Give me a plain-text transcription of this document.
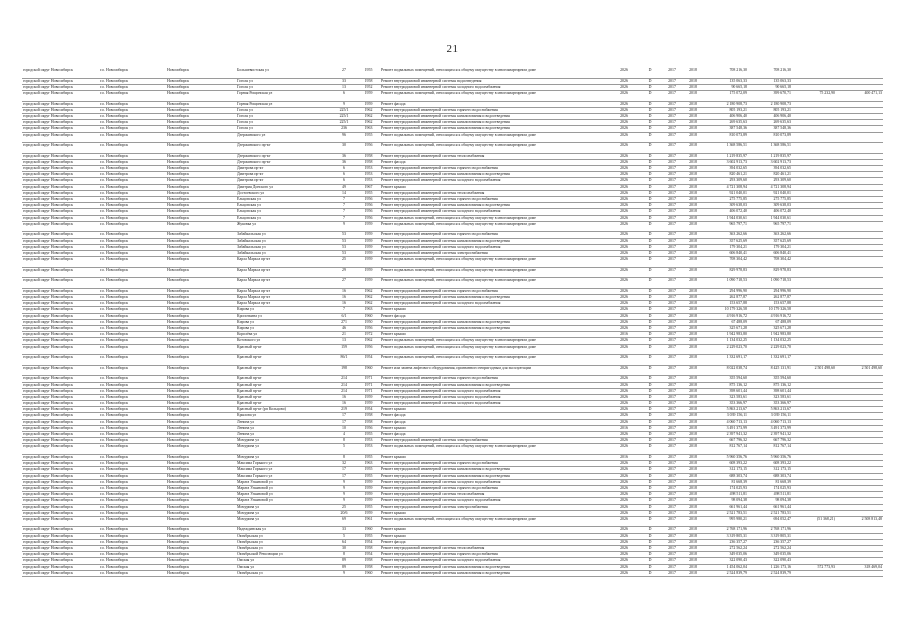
21
городской округ Новосибирск	г.о. Новосибирск	Новосибирск	Большевистская ул	27	1955	Ремонт подвальных помещений, относящихся к общему имуществу в многоквартирном доме	2026	D	2017	2018	708 216,30	708 216,30		
городской округ Новосибирск	г.о. Новосибирск	Новосибирск	Гоголя ул	33	1958	Ремонт внутридомовой инженерной системы водоотведения	2026	D	2017	2018	135 063,33	135 063,33		
городской округ Новосибирск	г.о. Новосибирск	Новосибирск	Гоголя ул	13	1952	Ремонт внутридомовой инженерной системы холодного водоснабжения	2026	D	2017	2018	90 665,18	90 665,18		
городской округ Новосибирск	г.о. Новосибирск	Новосибирск	Горная Рощинская ул	6	1959	Ремонт подвальных помещений, относящихся к общему имуществу в многоквартирном доме	2026	D	2017	2018	175 072,09	399 670,71	75 232,90	400 471,13
городской округ Новосибирск	г.о. Новосибирск	Новосибирск	Горная Рощинская ул	9	1959	Ремонт фасада	2026	D	2017	2018	2 180 908,73	2 180 908,73		
городской округ Новосибирск	г.о. Новосибирск	Новосибирск	Гоголя ул	225/1	1962	Ремонт внутридомовой инженерной системы горячего водоснабжения	2026	D	2017	2018	805 193,21	805 193,21		
городской округ Новосибирск	г.о. Новосибирск	Новосибирск	Гоголя ул	225/1	1962	Ремонт внутридомовой инженерной системы канализования и водоотведения	2026	D	2017	2018	406 906,40	406 906,40		
городской округ Новосибирск	г.о. Новосибирск	Новосибирск	Гоголя ул	225/1	1962	Ремонт внутридомовой инженерной системы канализования и водоотведения	2026	D	2017	2018	269 635,63	269 635,63		
городской округ Новосибирск	г.о. Новосибирск	Новосибирск	Гоголя ул	236	1963	Ремонт внутридомовой инженерной системы канализования и водоотведения	2026	D	2017	2018	387 548,36	387 548,36		
городской округ Новосибирск	г.о. Новосибирск	Новосибирск	Дзержинского ул	96	1955	Ремонт подвальных помещений, относящихся к общему имуществу в многоквартирном доме	2026	D	2017	2018	810 073,89	810 073,89		
городской округ Новосибирск	г.о. Новосибирск	Новосибирск	Дзержинского пр-кт	30	1956	Ремонт подвальных помещений, относящихся к общему имуществу в многоквартирном доме	2026	D	2017	2018	1 368 586,51	1 368 586,51		
городской округ Новосибирск	г.о. Новосибирск	Новосибирск	Дзержинского пр-кт	36	1958	Ремонт внутридомовой инженерной системы теплоснабжения	2026	D	2017	2018	1 219 835,97	1 219 835,97		
городской округ Новосибирск	г.о. Новосибирск	Новосибирск	Дзержинского пр-кт	36	1958	Ремонт фасада	2026	D	2017	2018	3 602 913,73	3 602 913,73		
городской округ Новосибирск	г.о. Новосибирск	Новосибирск	Дмитрова пр-кт	6	1953	Ремонт внутридомовой инженерной системы горячего водоснабжения	2026	D	2017	2018	394 032,65	394 032,65		
городской округ Новосибирск	г.о. Новосибирск	Новосибирск	Дмитрова пр-кт	6	1953	Ремонт внутридомовой инженерной системы канализования и водоотведения	2026	D	2017	2018	820 461,21	820 461,21		
городской округ Новосибирск	г.о. Новосибирск	Новосибирск	Дмитрова пр-кт	6	1953	Ремонт внутридомовой инженерной системы холодного водоснабжения	2026	D	2017	2018	293 309,60	293 309,60		
городской округ Новосибирск	г.о. Новосибирск	Новосибирск	Дмитрия Донского ул	49	1967	Ремонт крыши	2026	D	2017	2018	4 721 308,94	4 721 308,94		
городской округ Новосибирск	г.о. Новосибирск	Новосибирск	Достоевского ул	14	1955	Ремонт внутридомовой инженерной системы теплоснабжения	2026	D	2017	2018	921 040,01	921 040,01		
городской округ Новосибирск	г.о. Новосибирск	Новосибирск	Ельцовская ул	7	1956	Ремонт внутридомовой инженерной системы горячего водоснабжения	2026	D	2017	2018	275 775,85	275 775,85		
городской округ Новосибирск	г.о. Новосибирск	Новосибирск	Ельцовская ул	7	1956	Ремонт внутридомовой инженерной системы канализования и водоотведения	2026	D	2017	2018	309 638,03	309 638,03		
городской округ Новосибирск	г.о. Новосибирск	Новосибирск	Ельцовская ул	7	1956	Ремонт внутридомовой инженерной системы холодного водоснабжения	2026	D	2017	2018	406 072,40	406 072,40		
городской округ Новосибирск	г.о. Новосибирск	Новосибирск	Ельцовская ул	7	1956	Ремонт подвальных помещений, относящихся к общему имуществу в многоквартирном доме	2026	D	2017	2018	1 944 030,61	1 944 030,61		
городской округ Новосибирск	г.о. Новосибирск	Новосибирск	Жуковка ул	9	1959	Ремонт подвальных помещений, относящихся к общему имуществу в многоквартирном доме	2026	D	2017	2018	965 797,71	965 797,71		
городской округ Новосибирск	г.о. Новосибирск	Новосибирск	Забайкальская ул	53	1959	Ремонт внутридомовой инженерной системы горячего водоснабжения	2026	D	2017	2018	363 262,66	363 262,66		
городской округ Новосибирск	г.о. Новосибирск	Новосибирск	Забайкальская ул	53	1959	Ремонт внутридомовой инженерной системы канализования и водоотведения	2026	D	2017	2018	357 625,69	357 625,69		
городской округ Новосибирск	г.о. Новосибирск	Новосибирск	Забайкальская ул	53	1959	Ремонт внутридомовой инженерной системы холодного водоснабжения	2026	D	2017	2018	179 304,21	179 304,21		
городской округ Новосибирск	г.о. Новосибирск	Новосибирск	Забайкальская ул	53	1959	Ремонт внутридомовой инженерной системы электроснабжения	2026	D	2017	2018	606 840,41	606 840,41		
городской округ Новосибирск	г.о. Новосибирск	Новосибирск	Карла Маркса пр-кт	25	1959	Ремонт подвальных помещений, относящихся к общему имуществу в многоквартирном доме	2026	D	2017	2018	708 304,42	708 304,42		
городской округ Новосибирск	г.о. Новосибирск	Новосибирск	Карла Маркса пр-кт	29	1959	Ремонт подвальных помещений, относящихся к общему имуществу в многоквартирном доме	2026	D	2017	2018	829 978,83	829 978,83		
городской округ Новосибирск	г.о. Новосибирск	Новосибирск	Карла Маркса пр-кт	27	1959	Ремонт подвальных помещений, относящихся к общему имуществу в многоквартирном доме	2026	D	2017	2018	1 090 718,53	1 090 718,53		
городской округ Новосибирск	г.о. Новосибирск	Новосибирск	Карла Маркса пр-кт	16	1962	Ремонт внутридомовой инженерной системы горячего водоснабжения	2026	D	2017	2018	294 996,90	294 996,90		
городской округ Новосибирск	г.о. Новосибирск	Новосибирск	Карла Маркса пр-кт	16	1962	Ремонт внутридомовой инженерной системы канализования и водоотведения	2026	D	2017	2018	262 877,87	262 877,87		
городской округ Новосибирск	г.о. Новосибирск	Новосибирск	Карла Маркса пр-кт	16	1962	Ремонт внутридомовой инженерной системы холодного водоснабжения	2026	D	2017	2018	153 657,88	153 657,88		
городской округ Новосибирск	г.о. Новосибирск	Новосибирск	Кирова ул	7	1963	Ремонт крыши	2026	D	2017	2018	10 179 326,58	10 179 326,58		
городской округ Новосибирск	г.о. Новосибирск	Новосибирск	Кропоткина ул	6/1	1960	Ремонт фасада	2026	D	2017	2018	4 916 916,72	4 916 916,72		
городской округ Новосибирск	г.о. Новосибирск	Новосибирск	Кирова ул	271	1950	Ремонт внутридомовой инженерной системы канализования и водоотведения	2026	D	2017	2018	67 488,09	67 488,09		
городской округ Новосибирск	г.о. Новосибирск	Новосибирск	Кирова ул	46	1956	Ремонт внутридомовой инженерной системы канализования и водоотведения	2026	D	2017	2018	325 671,28	325 671,28		
городской округ Новосибирск	г.о. Новосибирск	Новосибирск	Королёва ул	21	1972	Ремонт крыши	2016	D	2017	2018	1 942 983,80	1 942 983,80		
городской округ Новосибирск	г.о. Новосибирск	Новосибирск	Котовского ул	13	1962	Ремонт подвальных помещений, относящихся к общему имуществу в многоквартирном доме	2026	D	2017	2018	1 134 032,25	1 134 032,25		
городской округ Новосибирск	г.о. Новосибирск	Новосибирск	Красный пр-кт	159	1956	Ремонт подвальных помещений, относящихся к общему имуществу в многоквартирном доме	2026	D	2017	2018	2 229 023,70	2 229 023,70		
городской округ Новосибирск	г.о. Новосибирск	Новосибирск	Красный пр-кт	86/1	1954	Ремонт подвальных помещений, относящихся к общему имуществу в многоквартирном доме	2026	D	2017	2018	1 332 691,17	1 332 691,17		
городской округ Новосибирск	г.о. Новосибирск	Новосибирск	Красный пр-кт	198	1960	Ремонт или замена лифтового оборудования, признанного непригодным для эксплуатации	2026	D	2017	2018	8 022 038,74	8 425 131,91	2 501 498,60	2 501 498,60
городской округ Новосибирск	г.о. Новосибирск	Новосибирск	Красный пр-кт	214	1971	Ремонт внутридомовой инженерной системы горячего водоснабжения	2026	D	2017	2018	355 594,60	355 594,60		
городской округ Новосибирск	г.о. Новосибирск	Новосибирск	Красный пр-кт	214	1971	Ремонт внутридомовой инженерной системы канализования и водоотведения	2026	D	2017	2018	875 136,12	875 136,12		
городской округ Новосибирск	г.о. Новосибирск	Новосибирск	Красный пр-кт	214	1971	Ремонт внутридомовой инженерной системы холодного водоснабжения	2026	D	2017	2018	398 601,44	398 601,44		
городской округ Новосибирск	г.о. Новосибирск	Новосибирск	Красный пр-кт	16	1959	Ремонт внутридомовой инженерной системы холодного водоснабжения	2026	D	2017	2018	323 583,61	323 583,61		
городской округ Новосибирск	г.о. Новосибирск	Новосибирск	Красный пр-кт	16	1959	Ремонт внутридомовой инженерной системы холодного водоснабжения	2026	D	2017	2018	353 366,97	353 366,97		
городской округ Новосибирск	г.о. Новосибирск	Новосибирск	Красный пр-кт (рп Кольцово)	219	1954	Ремонт крыши	2026	D	2017	2018	5 863 213,67	5 863 213,67		
городской округ Новосибирск	г.о. Новосибирск	Новосибирск	Крылова ул	17	1958	Ремонт фасада	2026	D	2017	2018	3 039 156,11	3 039 156,11		
городской округ Новосибирск	г.о. Новосибирск	Новосибирск	Ленина ул	17	1958	Ремонт фасада	2026	D	2017	2018	4 060 713,13	4 060 713,13		
городской округ Новосибирск	г.о. Новосибирск	Новосибирск	Ленина ул	10	1956	Ремонт крыши	2016	D	2017	2018	3 491 373,99	3 491 373,99		
городской округ Новосибирск	г.о. Новосибирск	Новосибирск	Ленина ул	4	1955	Ремонт фасада	2026	D	2017	2018	2 397 941,32	2 397 941,32		
городской округ Новосибирск	г.о. Новосибирск	Новосибирск	Мичурина ул	8	1953	Ремонт внутридомовой инженерной системы электроснабжения	2026	D	2017	2018	667 796,32	667 796,32		
городской округ Новосибирск	г.о. Новосибирск	Новосибирск	Мичурина ул	5	1953	Ремонт подвальных помещений, относящихся к общему имуществу в многоквартирном доме	2026	D	2017	2018	812 767,14	812 767,14		
городской округ Новосибирск	г.о. Новосибирск	Новосибирск	Мичурина ул	8	1955	Ремонт крыши	2016	D	2017	2018	5 960 356,76	5 960 356,76		
городской округ Новосибирск	г.о. Новосибирск	Новосибирск	Максима Горького ул	32	1963	Ремонт внутридомовой инженерной системы горячего водоснабжения	2026	D	2017	2018	608 393,22	608 393,22		
городской округ Новосибирск	г.о. Новосибирск	Новосибирск	Максима Горького ул	17	1955	Ремонт внутридомовой инженерной системы канализования и водоотведения	2026	D	2017	2018	312 173,15	312 173,15		
городской округ Новосибирск	г.о. Новосибирск	Новосибирск	Максима Горького ул	17	1955	Ремонт внутридомовой инженерной системы канализования и водоотведения	2026	D	2017	2018	688 303,74	688 303,74		
городской округ Новосибирск	г.о. Новосибирск	Новосибирск	Марата Ульяновой ул	9	1959	Ремонт внутридомовой инженерной системы холодного водоснабжения	2026	D	2017	2018	81 668,39	81 668,39		
городской округ Новосибирск	г.о. Новосибирск	Новосибирск	Марата Ульяновой ул	9	1959	Ремонт внутридомовой инженерной системы горячего водоснабжения	2026	D	2017	2018	174 025,93	174 025,93		
городской округ Новосибирск	г.о. Новосибирск	Новосибирск	Марата Ульяновой ул	9	1959	Ремонт внутридомовой инженерной системы теплоснабжения	2026	D	2017	2018	498 511,81	498 511,81		
городской округ Новосибирск	г.о. Новосибирск	Новосибирск	Марата Ульяновой ул	9	1959	Ремонт внутридомовой инженерной системы холодного водоснабжения	2026	D	2017	2018	98 094,38	98 094,38		
городской округ Новосибирск	г.о. Новосибирск	Новосибирск	Мичурина ул	25	1955	Ремонт внутридомовой инженерной системы электроснабжения	2026	D	2017	2018	661 961,44	661 961,44		
городской округ Новосибирск	г.о. Новосибирск	Новосибирск	Мичурина ул	20/6	1959	Ремонт крыши	2026	D	2017	2018	2 521 783,51	2 521 783,51		
городской округ Новосибирск	г.о. Новосибирск	Новосибирск	Мичурина ул	69	1961	Ремонт подвальных помещений, относящихся к общему имуществу в многоквартирном доме	2026	D	2017	2018	995 980,21	694 052,47	(51 368,21)	2 508 813,48
городской округ Новосибирск	г.о. Новосибирск	Новосибирск	Надеждинская ул	33	1960	Ремонт крыши	2026	D	2017	2018	2 768 171,96	2 768 171,96		
городской округ Новосибирск	г.о. Новосибирск	Новосибирск	Октябрьская ул	5	1955	Ремонт крыши	2026	D	2017	2018	3 319 805,31	3 319 805,31		
городской округ Новосибирск	г.о. Новосибирск	Новосибирск	Октябрьская ул	64	1954	Ремонт фасада	2026	D	2017	2018	236 357,27	236 357,27		
городской округ Новосибирск	г.о. Новосибирск	Новосибирск	Октябрьская ул	30	1958	Ремонт внутридомовой инженерной системы теплоснабжения	2026	D	2017	2018	272 562,24	272 562,24		
городской округ Новосибирск	г.о. Новосибирск	Новосибирск	Октябрьской Революции ул	8	1954	Ремонт внутридомовой инженерной системы горячего водоснабжения	2026	D	2017	2018	349 035,06	349 035,06		
городской округ Новосибирск	г.о. Новосибирск	Новосибирск	Омская ул	89	1958	Ремонт внутридомовой инженерной системы холодного водоснабжения	2026	D	2017	2018	322 090,43	322 090,43		
городской округ Новосибирск	г.о. Новосибирск	Новосибирск	Омская ул	89	1958	Ремонт внутридомовой инженерной системы канализования и водоотведения	2026	D	2017	2018	1 454 062,04	1 226 173,16	572 773,93	318 469,04
городской округ Новосибирск	г.о. Новосибирск	Новосибирск	Октябрьская ул	9	1960	Ремонт внутридомовой инженерной системы канализования и водоотведения	2026	D	2017	2018	2 524 839,79	2 524 839,79		
